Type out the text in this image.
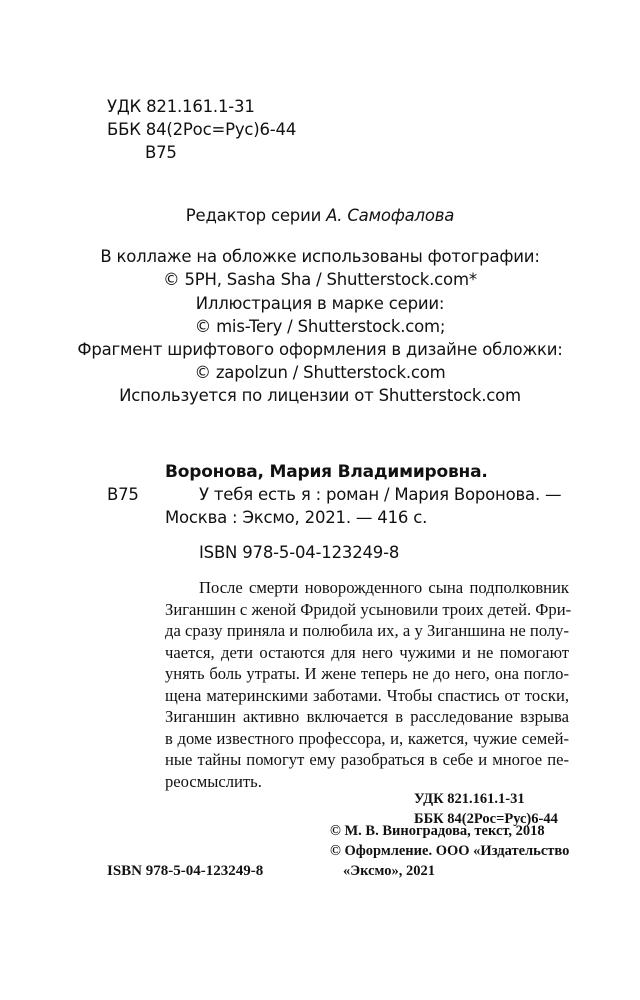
УДК 821.161.1-31
ББК 84(2Рос=Рус)6-44
В75
Редактор серии А. Самофалова
В коллаже на обложке использованы фотографии:
© 5PH, Sasha Sha / Shutterstock.com*
Иллюстрация в марке серии:
© mis-Tery / Shutterstock.com;
Фрагмент шрифтового оформления в дизайне обложки:
© zapolzun / Shutterstock.com
Используется по лицензии от Shutterstock.com
Воронова, Мария Владимировна.
В75	У тебя есть я : роман / Мария Воронова. —
Москва : Эксмо, 2021. — 416 с.
ISBN 978-5-04-123249-8
После смерти новорожденного сына подполковник
Зиганшин с женой Фридой усыновили троих детей. Фри-
да сразу приняла и полюбила их, а у Зиганшина не полу-
чается, дети остаются для него чужими и не помогают
унять боль утраты. И жене теперь не до него, она погло-
щена материнскими заботами. Чтобы спастись от тоски,
Зиганшин активно включается в расследование взрыва
в доме известного профессора, и, кажется, чужие семей-
ные тайны помогут ему разобраться в себе и многое пе-
реосмыслить.
УДК 821.161.1-31
ББК 84(2Рос=Рус)6-44
ISBN 978-5-04-123249-8
© М. В. Виноградова, текст, 2018
© Оформление. ООО «Издательство
«Эксмо», 2021
